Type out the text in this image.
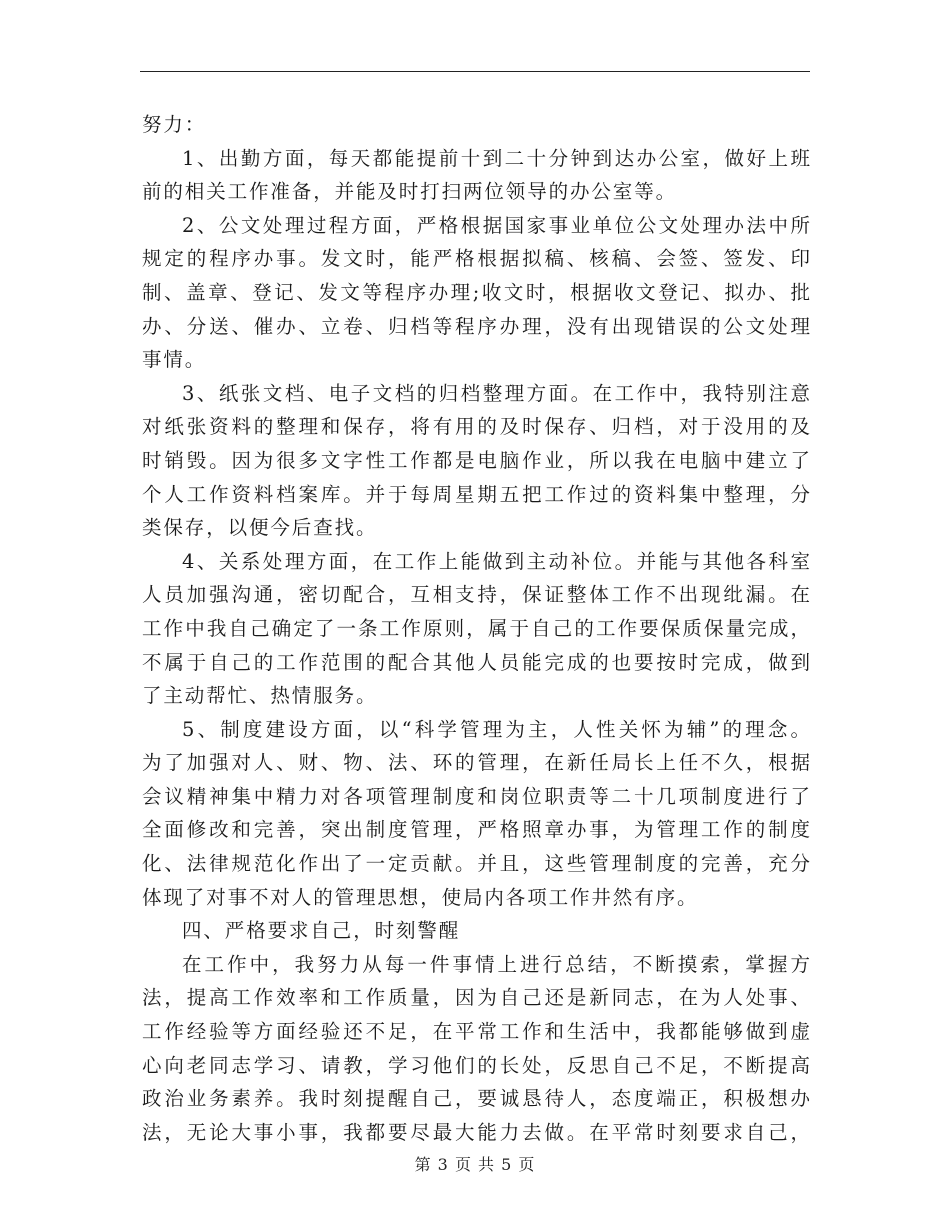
努力：
1、出勤方面，每天都能提前十到二十分钟到达办公室，做好上班
前的相关工作准备，并能及时打扫两位领导的办公室等。
2、公文处理过程方面，严格根据国家事业单位公文处理办法中所
规定的程序办事。发文时，能严格根据拟稿、核稿、会签、签发、印
制、盖章、登记、发文等程序办理;收文时，根据收文登记、拟办、批
办、分送、催办、立卷、归档等程序办理，没有出现错误的公文处理
事情。
3、纸张文档、电子文档的归档整理方面。在工作中，我特别注意
对纸张资料的整理和保存，将有用的及时保存、归档，对于没用的及
时销毁。因为很多文字性工作都是电脑作业，所以我在电脑中建立了
个人工作资料档案库。并于每周星期五把工作过的资料集中整理，分
类保存，以便今后查找。
4、关系处理方面，在工作上能做到主动补位。并能与其他各科室
人员加强沟通，密切配合，互相支持，保证整体工作不出现纰漏。在
工作中我自己确定了一条工作原则，属于自己的工作要保质保量完成，
不属于自己的工作范围的配合其他人员能完成的也要按时完成，做到
了主动帮忙、热情服务。
5、制度建设方面，以“科学管理为主，人性关怀为辅”的理念。
为了加强对人、财、物、法、环的管理，在新任局长上任不久，根据
会议精神集中精力对各项管理制度和岗位职责等二十几项制度进行了
全面修改和完善，突出制度管理，严格照章办事，为管理工作的制度
化、法律规范化作出了一定贡献。并且，这些管理制度的完善，充分
体现了对事不对人的管理思想，使局内各项工作井然有序。
四、严格要求自己，时刻警醒
在工作中，我努力从每一件事情上进行总结，不断摸索，掌握方
法，提高工作效率和工作质量，因为自己还是新同志，在为人处事、
工作经验等方面经验还不足，在平常工作和生活中，我都能够做到虚
心向老同志学习、请教，学习他们的长处，反思自己不足，不断提高
政治业务素养。我时刻提醒自己，要诚恳待人，态度端正，积极想办
法，无论大事小事，我都要尽最大能力去做。在平常时刻要求自己，
第 3 页 共 5 页
